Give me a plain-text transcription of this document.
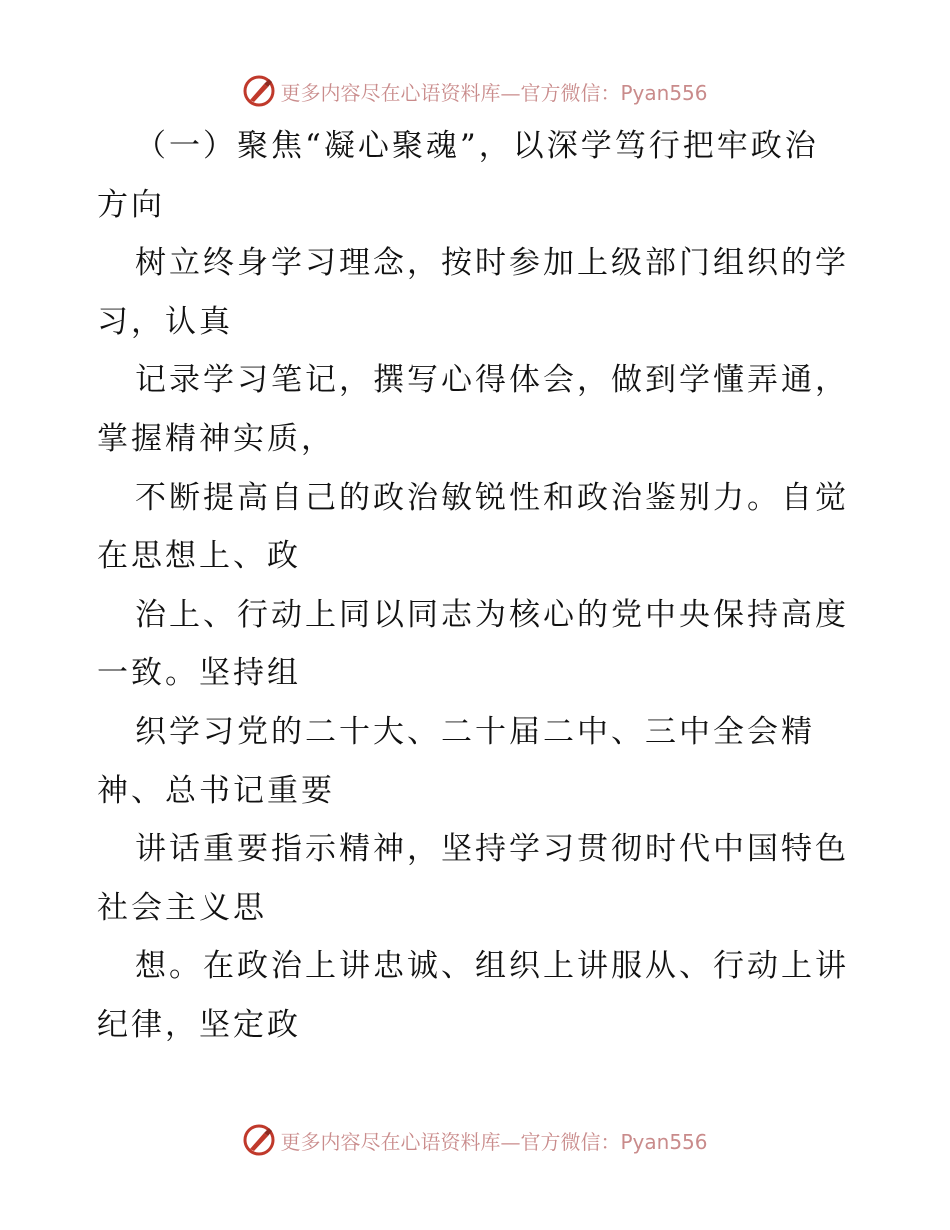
更多内容尽在心语资料库—官方微信：Pyan556
（一）聚焦“凝心聚魂”，以深学笃行把牢政治
方向
树立终身学习理念，按时参加上级部门组织的学
习，认真
记录学习笔记，撰写心得体会，做到学懂弄通，
掌握精神实质，
不断提高自己的政治敏锐性和政治鉴别力。自觉
在思想上、政
治上、行动上同以同志为核心的党中央保持高度
一致。坚持组
织学习党的二十大、二十届二中、三中全会精
神、总书记重要
讲话重要指示精神，坚持学习贯彻时代中国特色
社会主义思
想。在政治上讲忠诚、组织上讲服从、行动上讲
纪律，坚定政
更多内容尽在心语资料库—官方微信：Pyan556
